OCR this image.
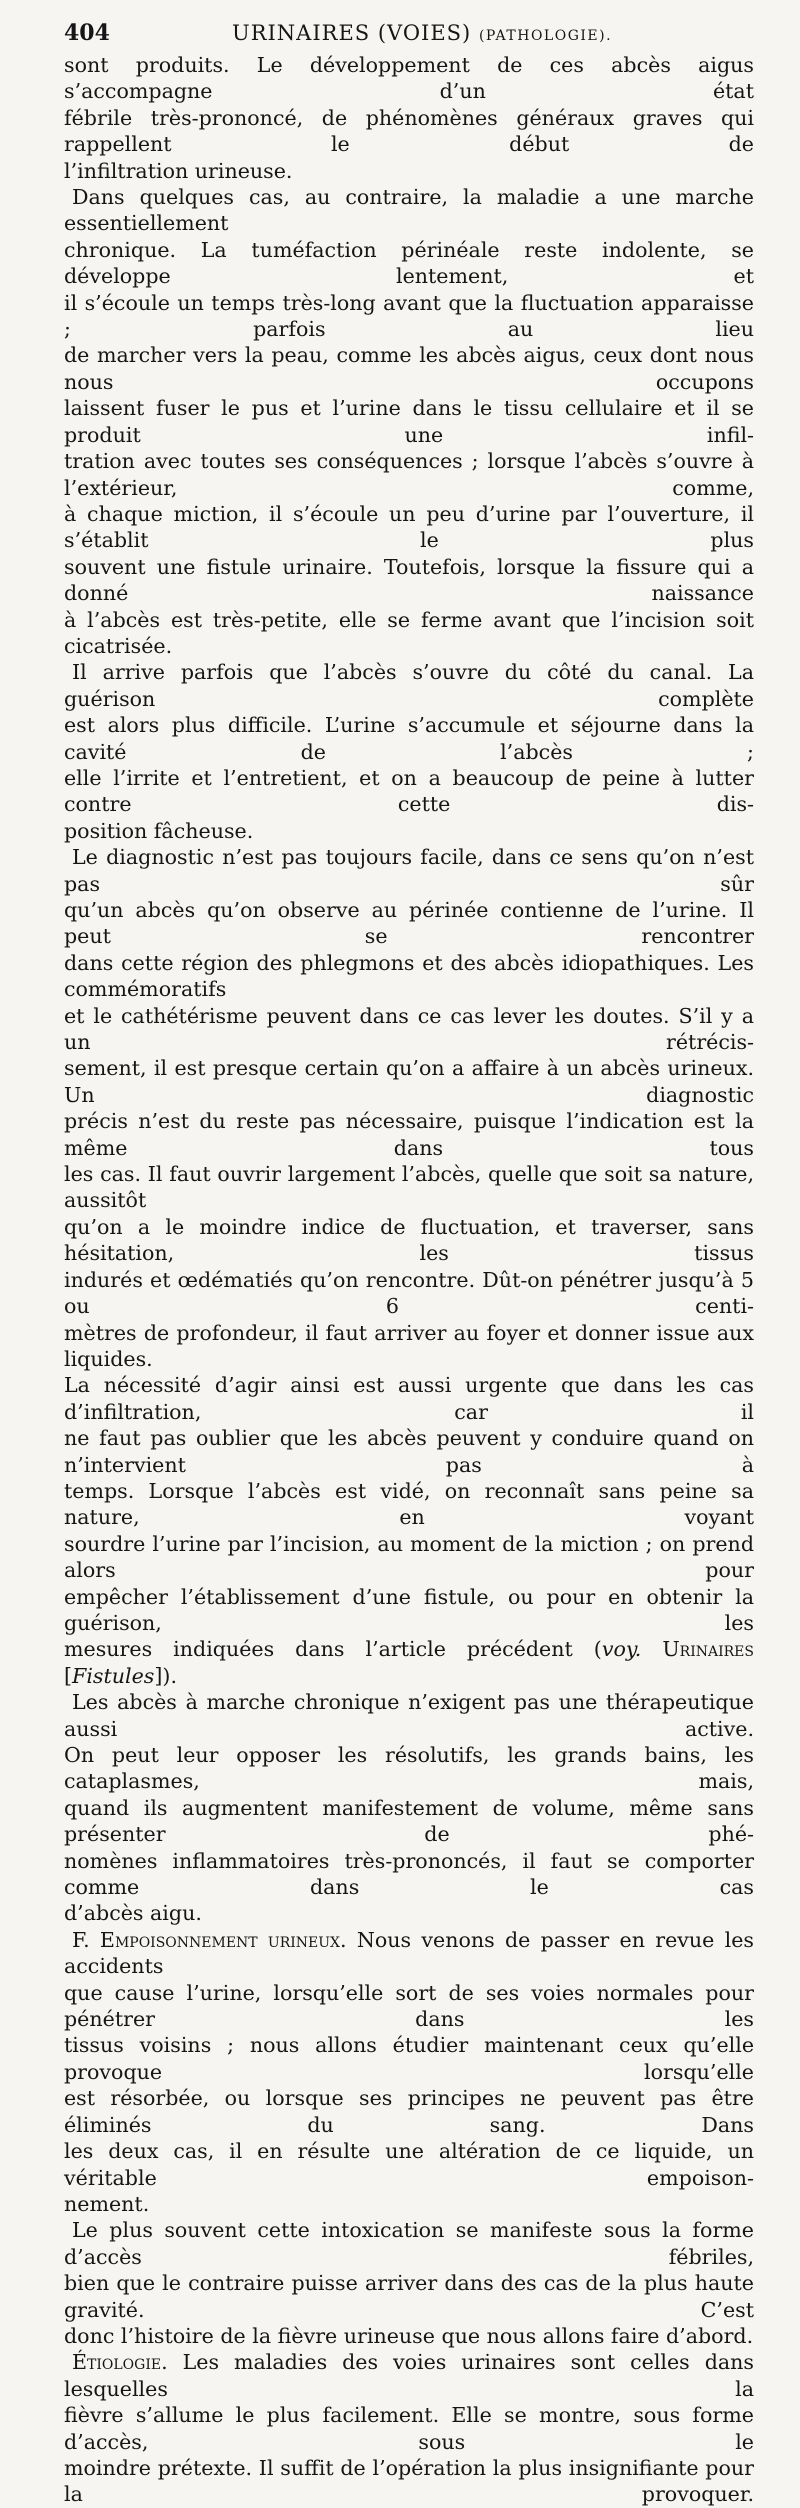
404	URINAIRES (VOIES) (PATHOLOGIE).

sont produits. Le développement de ces abcès aigus s’accompagne d’un état

fébrile très-prononcé, de phénomènes généraux graves qui rappellent le début de

l’infiltration urineuse.

Dans quelques cas, au contraire, la maladie a une marche essentiellement

chronique. La tuméfaction périnéale reste indolente, se développe lentement, et

il s’écoule un temps très-long avant que la fluctuation apparaisse ; parfois au lieu

de marcher vers la peau, comme les abcès aigus, ceux dont nous nous occupons

laissent fuser le pus et l’urine dans le tissu cellulaire et il se produit une infil-

tration avec toutes ses conséquences ; lorsque l’abcès s’ouvre à l’extérieur, comme,

à chaque miction, il s’écoule un peu d’urine par l’ouverture, il s’établit le plus

souvent une fistule urinaire. Toutefois, lorsque la fissure qui a donné naissance

à l’abcès est très-petite, elle se ferme avant que l’incision soit cicatrisée.

Il arrive parfois que l’abcès s’ouvre du côté du canal. La guérison complète

est alors plus difficile. L’urine s’accumule et séjourne dans la cavité de l’abcès ;

elle l’irrite et l’entretient, et on a beaucoup de peine à lutter contre cette dis-

position fâcheuse.

Le diagnostic n’est pas toujours facile, dans ce sens qu’on n’est pas sûr

qu’un abcès qu’on observe au périnée contienne de l’urine. Il peut se rencontrer

dans cette région des phlegmons et des abcès idiopathiques. Les commémoratifs

et le cathétérisme peuvent dans ce cas lever les doutes. S’il y a un rétrécis-

sement, il est presque certain qu’on a affaire à un abcès urineux. Un diagnostic

précis n’est du reste pas nécessaire, puisque l’indication est la même dans tous

les cas. Il faut ouvrir largement l’abcès, quelle que soit sa nature, aussitôt

qu’on a le moindre indice de fluctuation, et traverser, sans hésitation, les tissus

indurés et œdématiés qu’on rencontre. Dût-on pénétrer jusqu’à 5 ou 6 centi-

mètres de profondeur, il faut arriver au foyer et donner issue aux liquides.

La nécessité d’agir ainsi est aussi urgente que dans les cas d’infiltration, car il

ne faut pas oublier que les abcès peuvent y conduire quand on n’intervient pas à

temps. Lorsque l’abcès est vidé, on reconnaît sans peine sa nature, en voyant

sourdre l’urine par l’incision, au moment de la miction ; on prend alors pour

empêcher l’établissement d’une fistule, ou pour en obtenir la guérison, les

mesures indiquées dans l’article précédent (voy. Urinaires [Fistules]).

Les abcès à marche chronique n’exigent pas une thérapeutique aussi active.

On peut leur opposer les résolutifs, les grands bains, les cataplasmes, mais,

quand ils augmentent manifestement de volume, même sans présenter de phé-

nomènes inflammatoires très-prononcés, il faut se comporter comme dans le cas

d’abcès aigu.

F. Empoisonnement urineux. Nous venons de passer en revue les accidents

que cause l’urine, lorsqu’elle sort de ses voies normales pour pénétrer dans les

tissus voisins ; nous allons étudier maintenant ceux qu’elle provoque lorsqu’elle

est résorbée, ou lorsque ses principes ne peuvent pas être éliminés du sang. Dans

les deux cas, il en résulte une altération de ce liquide, un véritable empoison-

nement.

Le plus souvent cette intoxication se manifeste sous la forme d’accès fébriles,

bien que le contraire puisse arriver dans des cas de la plus haute gravité. C’est

donc l’histoire de la fièvre urineuse que nous allons faire d’abord.

Étiologie. Les maladies des voies urinaires sont celles dans lesquelles la

fièvre s’allume le plus facilement. Elle se montre, sous forme d’accès, sous le

moindre prétexte. Il suffit de l’opération la plus insignifiante pour la provoquer.
